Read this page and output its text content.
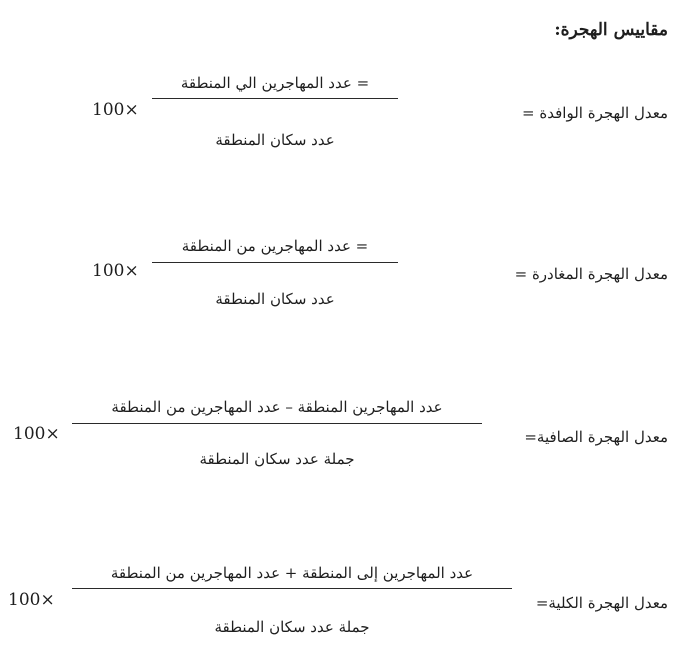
مقاييس الهجرة:
= عدد المهاجرين الي المنطقة
عدد سكان المنطقة
100×	معدل الهجرة الوافدة =
= عدد المهاجرين من المنطقة
عدد سكان المنطقة
100×	معدل الهجرة المغادرة =
عدد المهاجرين المنطقة – عدد المهاجرين من المنطقة
جملة عدد سكان المنطقة
100×	معدل الهجرة الصافية=
عدد المهاجرين إلى المنطقة + عدد المهاجرين من المنطقة
جملة عدد سكان المنطقة
100×	معدل الهجرة الكلية=
